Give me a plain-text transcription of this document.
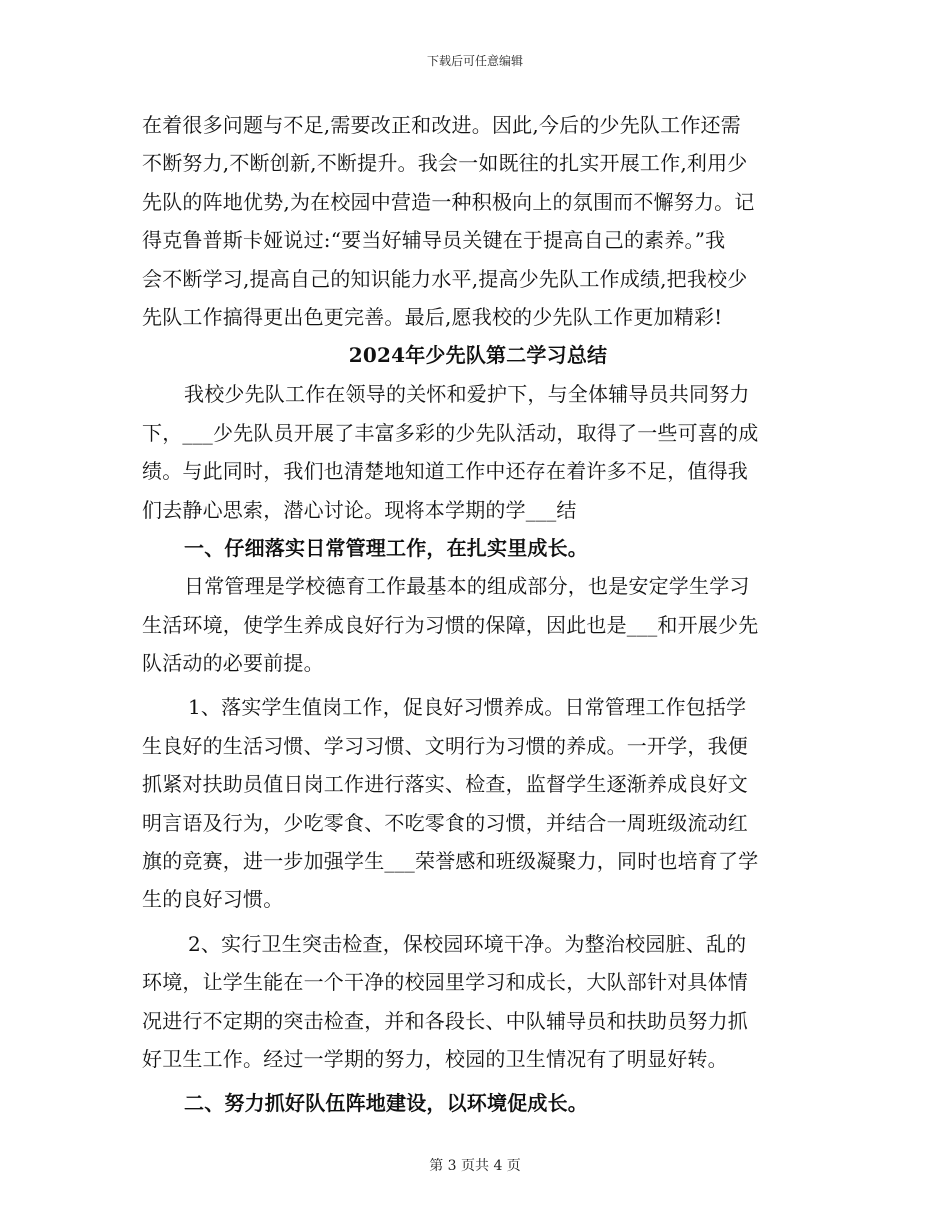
下载后可任意编辑
在着很多问题与不足,需要改正和改进。因此,今后的少先队工作还需
不断努力,不断创新,不断提升。我会一如既往的扎实开展工作,利用少
先队的阵地优势,为在校园中营造一种积极向上的氛围而不懈努力。记
得克鲁普斯卡娅说过:“要当好辅导员关键在于提高自己的素养。”我
会不断学习,提高自己的知识能力水平,提高少先队工作成绩,把我校少
先队工作搞得更出色更完善。最后,愿我校的少先队工作更加精彩!
2024年少先队第二学习总结
我校少先队工作在领导的关怀和爱护下，与全体辅导员共同努力
下，___少先队员开展了丰富多彩的少先队活动，取得了一些可喜的成
绩。与此同时，我们也清楚地知道工作中还存在着许多不足，值得我
们去静心思索，潜心讨论。现将本学期的学___结
一、仔细落实日常管理工作，在扎实里成长。
日常管理是学校德育工作最基本的组成部分，也是安定学生学习
生活环境，使学生养成良好行为习惯的保障，因此也是___和开展少先
队活动的必要前提。
1、落实学生值岗工作，促良好习惯养成。日常管理工作包括学
生良好的生活习惯、学习习惯、文明行为习惯的养成。一开学，我便
抓紧对扶助员值日岗工作进行落实、检查，监督学生逐渐养成良好文
明言语及行为，少吃零食、不吃零食的习惯，并结合一周班级流动红
旗的竞赛，进一步加强学生___荣誉感和班级凝聚力，同时也培育了学
生的良好习惯。
2、实行卫生突击检查，保校园环境干净。为整治校园脏、乱的
环境，让学生能在一个干净的校园里学习和成长，大队部针对具体情
况进行不定期的突击检查，并和各段长、中队辅导员和扶助员努力抓
好卫生工作。经过一学期的努力，校园的卫生情况有了明显好转。
二、努力抓好队伍阵地建设，以环境促成长。
第 3 页共 4 页
